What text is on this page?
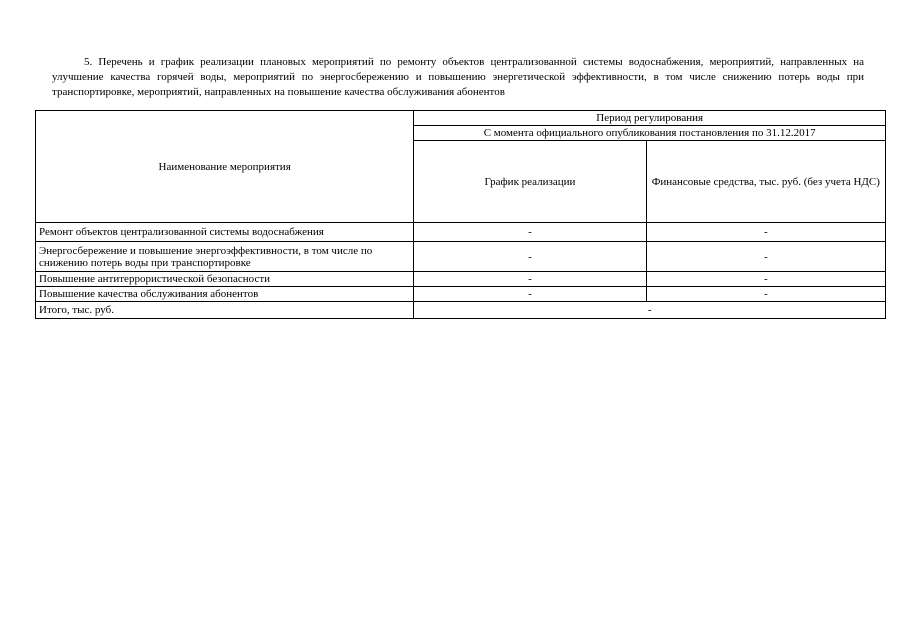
5. Перечень и график реализации плановых мероприятий по ремонту объектов централизованной системы водоснабжения, мероприятий, направленных на улучшение качества горячей воды, мероприятий по энергосбережению и повышению энергетической эффективности, в том числе снижению потерь воды при транспортировке, мероприятий, направленных на повышение качества обслуживания абонентов

Наименование мероприятия	Период регулирования	
	С момента официального опубликования постановления по 31.12.2017	
	График реализации	Финансовые средства, тыс. руб. (без учета НДС)
Ремонт объектов централизованной системы водоснабжения	-	-
Энергосбережение и повышение энергоэффективности, в том числе по снижению потерь воды при транспортировке	-	-
Повышение антитеррористической безопасности	-	-
Повышение качества обслуживания абонентов	-	-
Итого, тыс. руб.	-	
